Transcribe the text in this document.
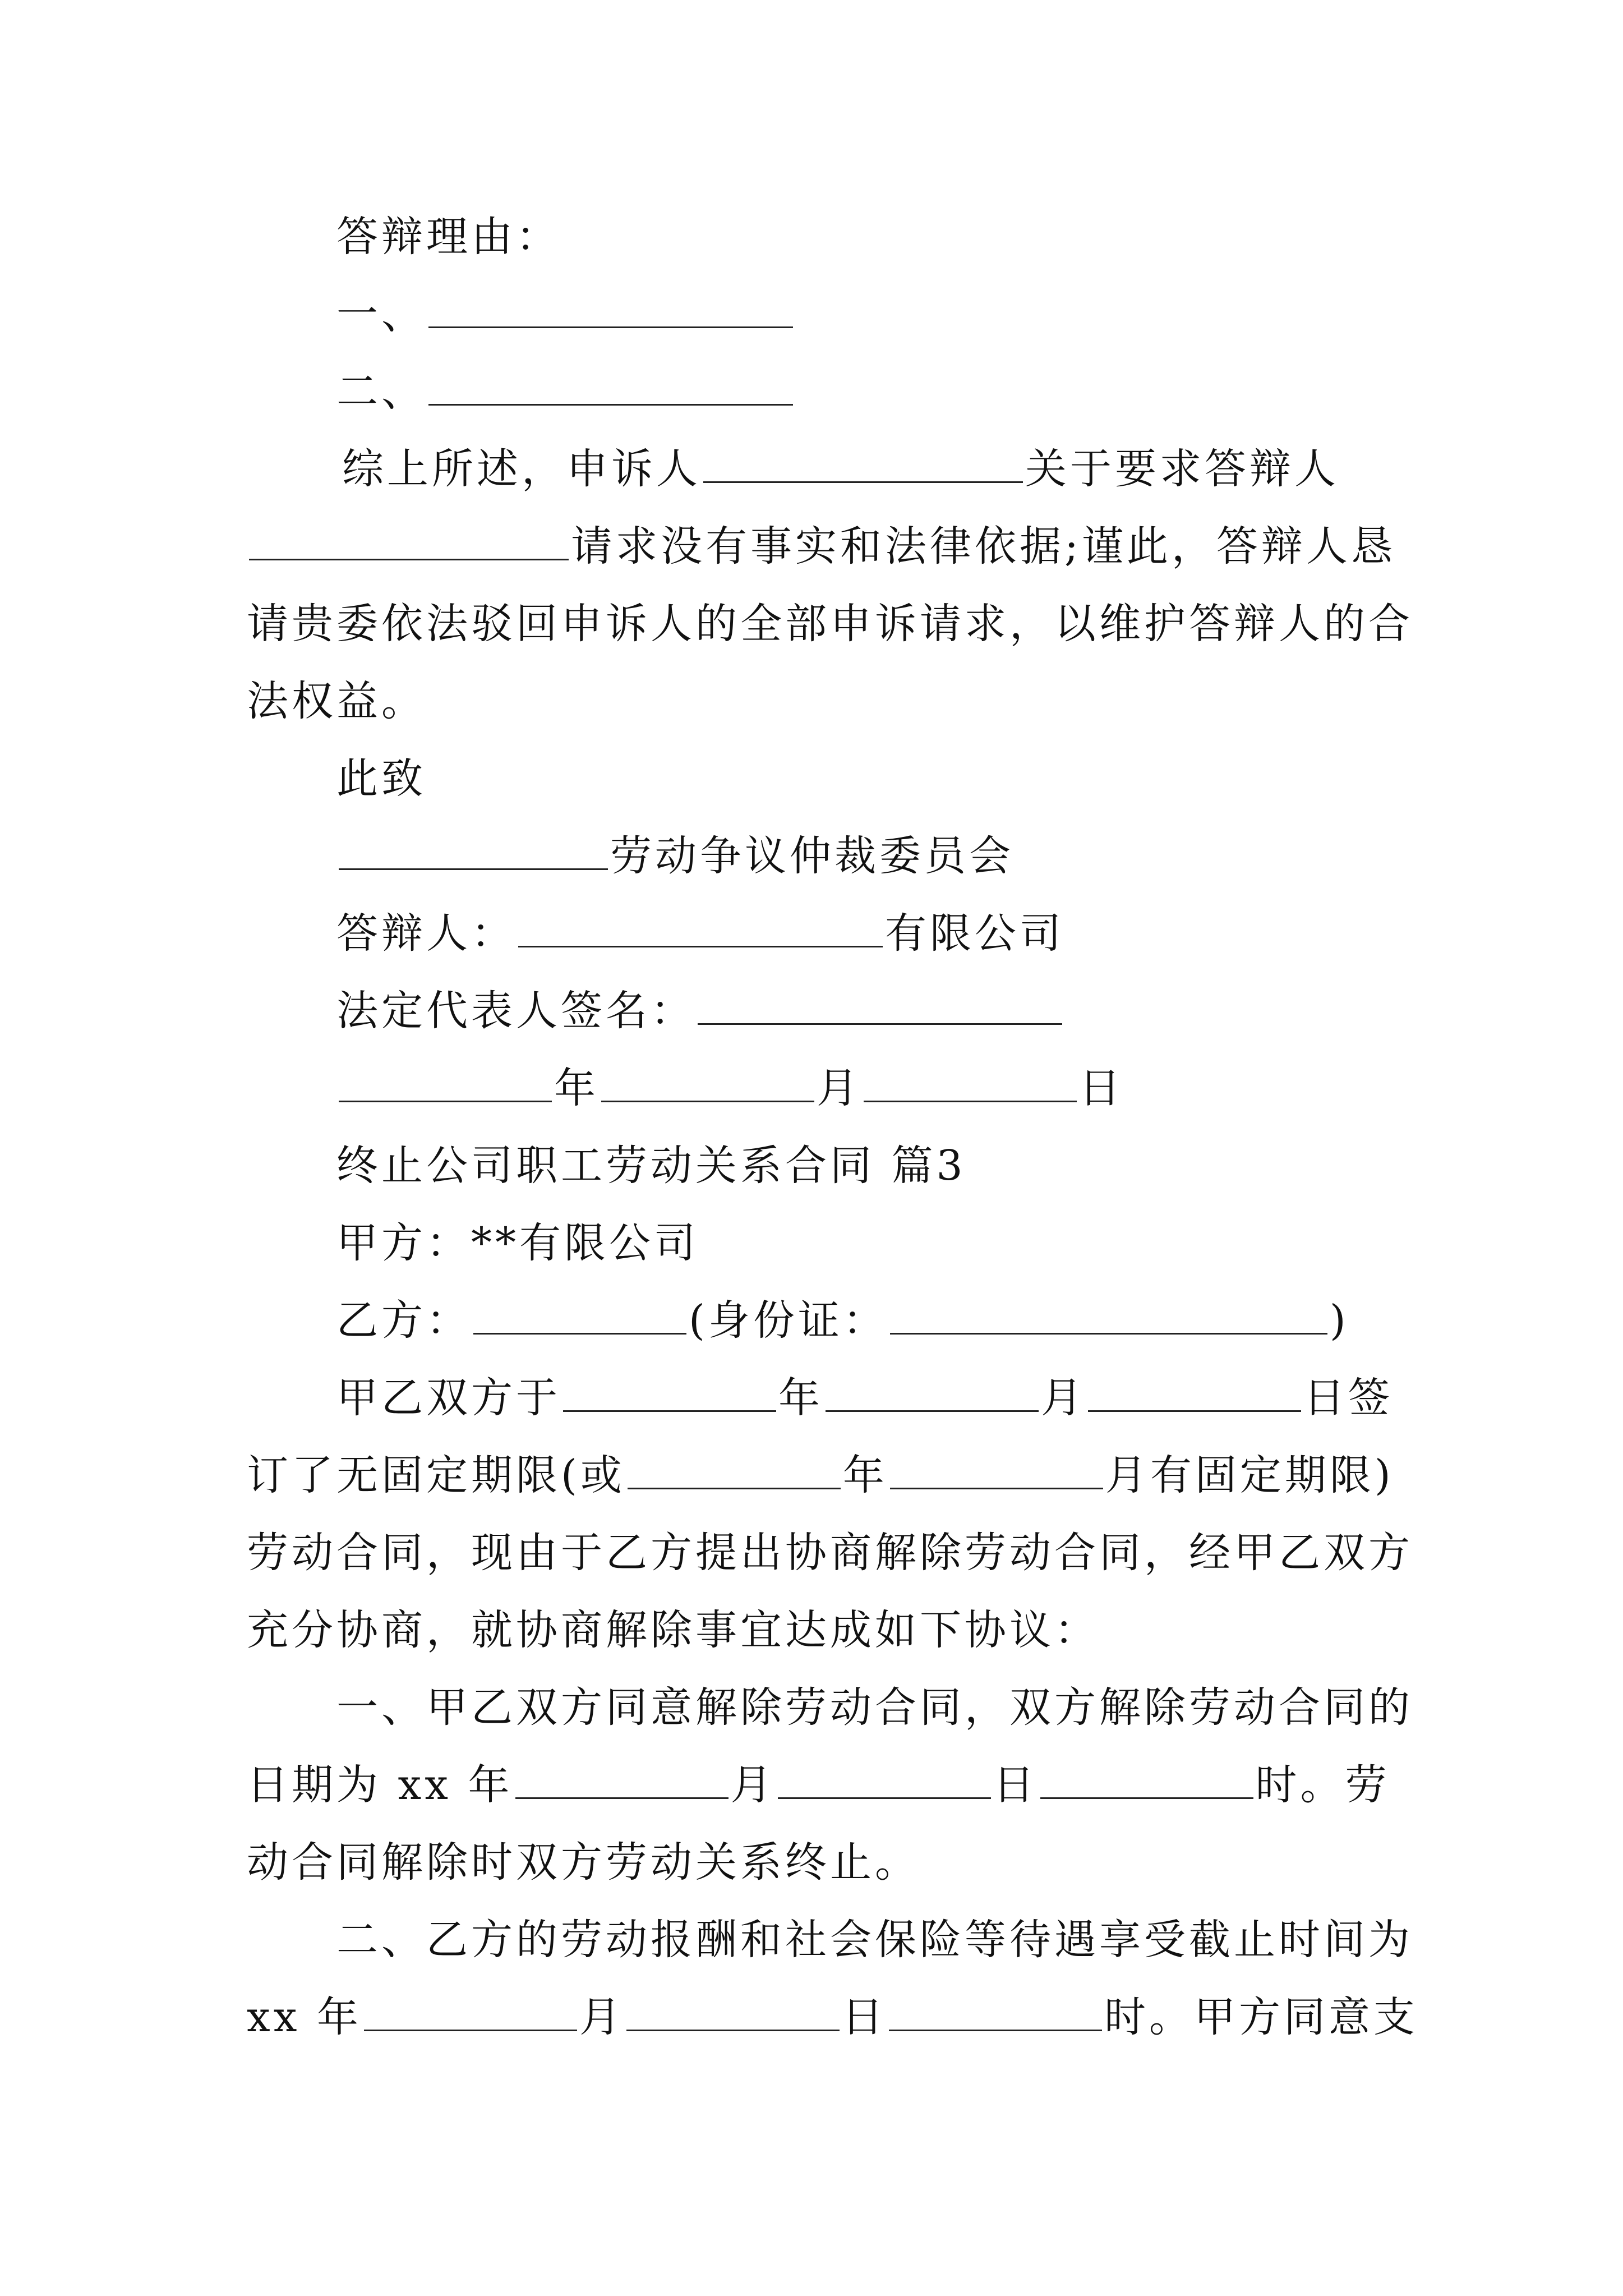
答辩理由：
一、
二、
综上所述，申诉人	关于要求答辩人
请求没有事实和法律依据;谨此，答辩人恳
请贵委依法驳回申诉人的全部申诉请求，以维护答辩人的合
法权益。
此致
劳动争议仲裁委员会
答辩人：	有限公司
法定代表人签名：
年	月	日
终止公司职工劳动关系合同 篇3
甲方：**有限公司
乙方：	(身份证：	)
甲乙双方于	年	月	日签
订了无固定期限(或	年	月有固定期限)
劳动合同，现由于乙方提出协商解除劳动合同，经甲乙双方
充分协商，就协商解除事宜达成如下协议：
一、甲乙双方同意解除劳动合同，双方解除劳动合同的
日期为 xx 年	月	日	时。劳
动合同解除时双方劳动关系终止。
二、乙方的劳动报酬和社会保险等待遇享受截止时间为
xx 年	月	日	时。甲方同意支
